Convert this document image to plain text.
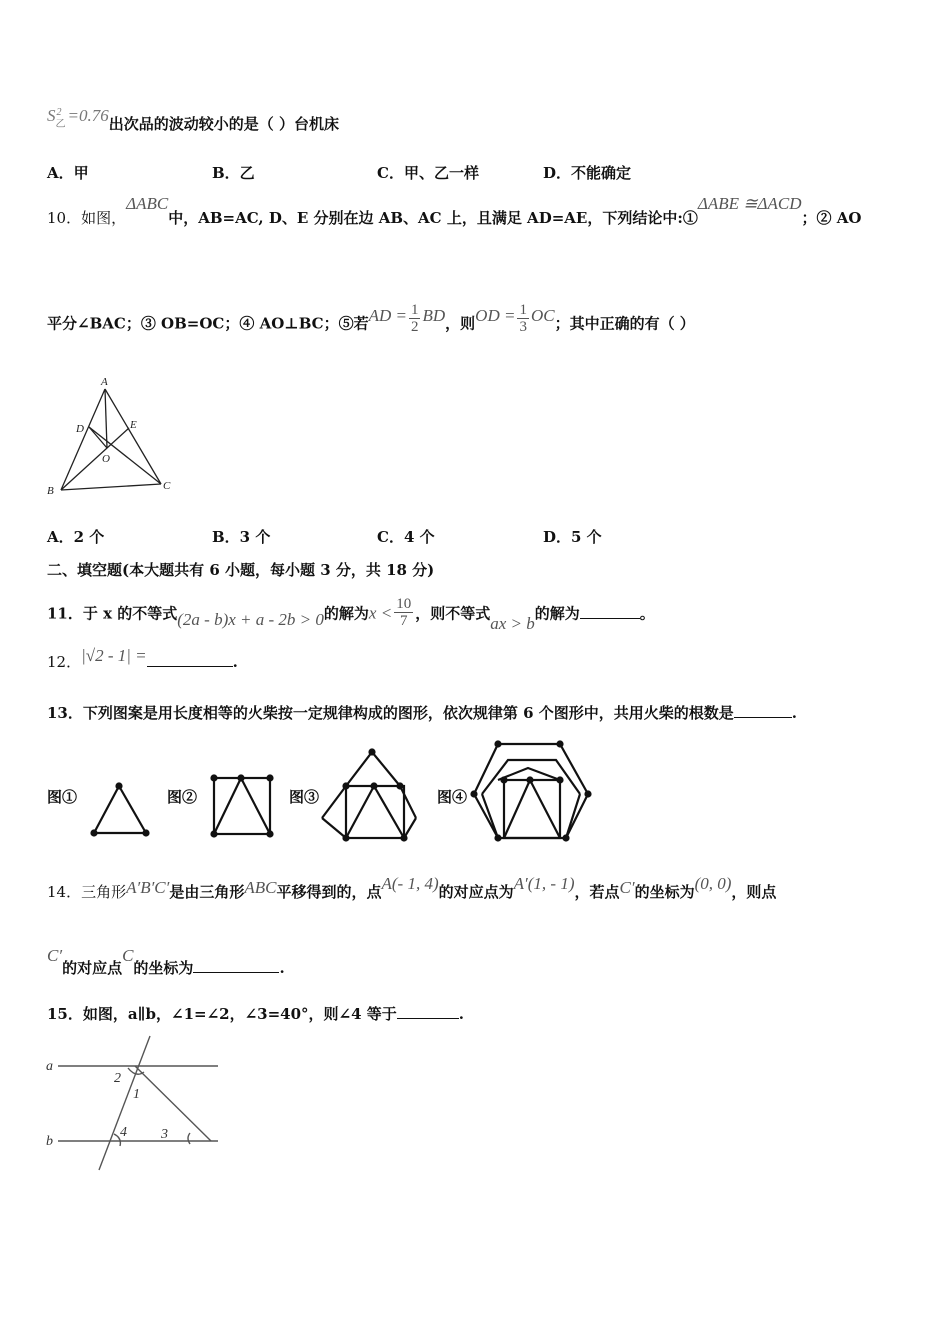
S 2
乙 =0.76出次品的波动较小的是（ ）台机床
A．甲	B．乙	C．甲、乙一样	D．不能确定
10．如图，ΔABC中，AB=AC, D、E 分别在边 AB、AC 上，且满足 AD=AE，下列结论中:①ΔABE ≅ΔACD；② AO
平分∠BAC；③ OB=OC；④ AO⊥BC；⑤若AD = $\frac{1}{2}$ BD，则OD = $\frac{1}{3}$ OC；其中正确的有（ ）
A
D	E
O
B	C
A．2 个	B．3 个	C．4 个	D．5 个
二、填空题(本大题共有 6 小题，每小题 3 分，共 18 分)
11．于 x 的不等式(2a - b)x + a - 2b > 0的解为$x < \frac{10}{7}$ ，则不等式ax > b的解为	。
12．|√2 - 1| =	.
13．下列图案是用长度相等的火柴按一定规律构成的图形，依次规律第 6 个图形中，共用火柴的根数是	.
图①	图②	图③	图④
14．三角形A′B′C′是由三角形ABC平移得到的，点A(- 1, 4)的对应点为A′(1, - 1)，若点C′的坐标为(0, 0)，则点
C′的对应点C的坐标为	.
15．如图，a∥b，∠1=∠2，∠3=40°，则∠4 等于	.
a
b
2
1
4 3
